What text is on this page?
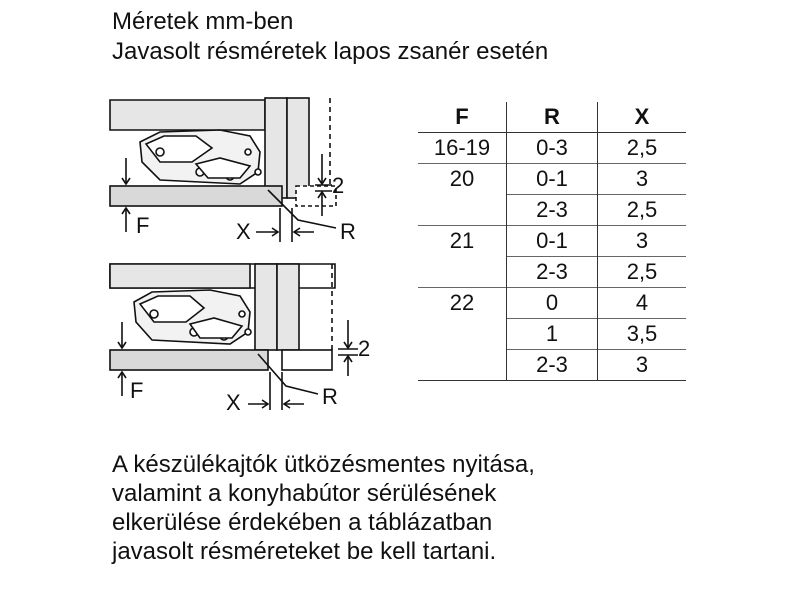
Méretek mm-ben
Javasolt résméretek lapos zsanér esetén
F	X	R
2
F	X	R
2
F	R	X
16-19	0-3	2,5
20	0-1	3
	2-3	2,5
21	0-1	3
	2-3	2,5
22	0	4
	1	3,5
	2-3	3
A készülékajtók ütközésmentes nyitása,
valamint a konyhabútor sérülésének
elkerülése érdekében a táblázatban
javasolt résméreteket be kell tartani.
